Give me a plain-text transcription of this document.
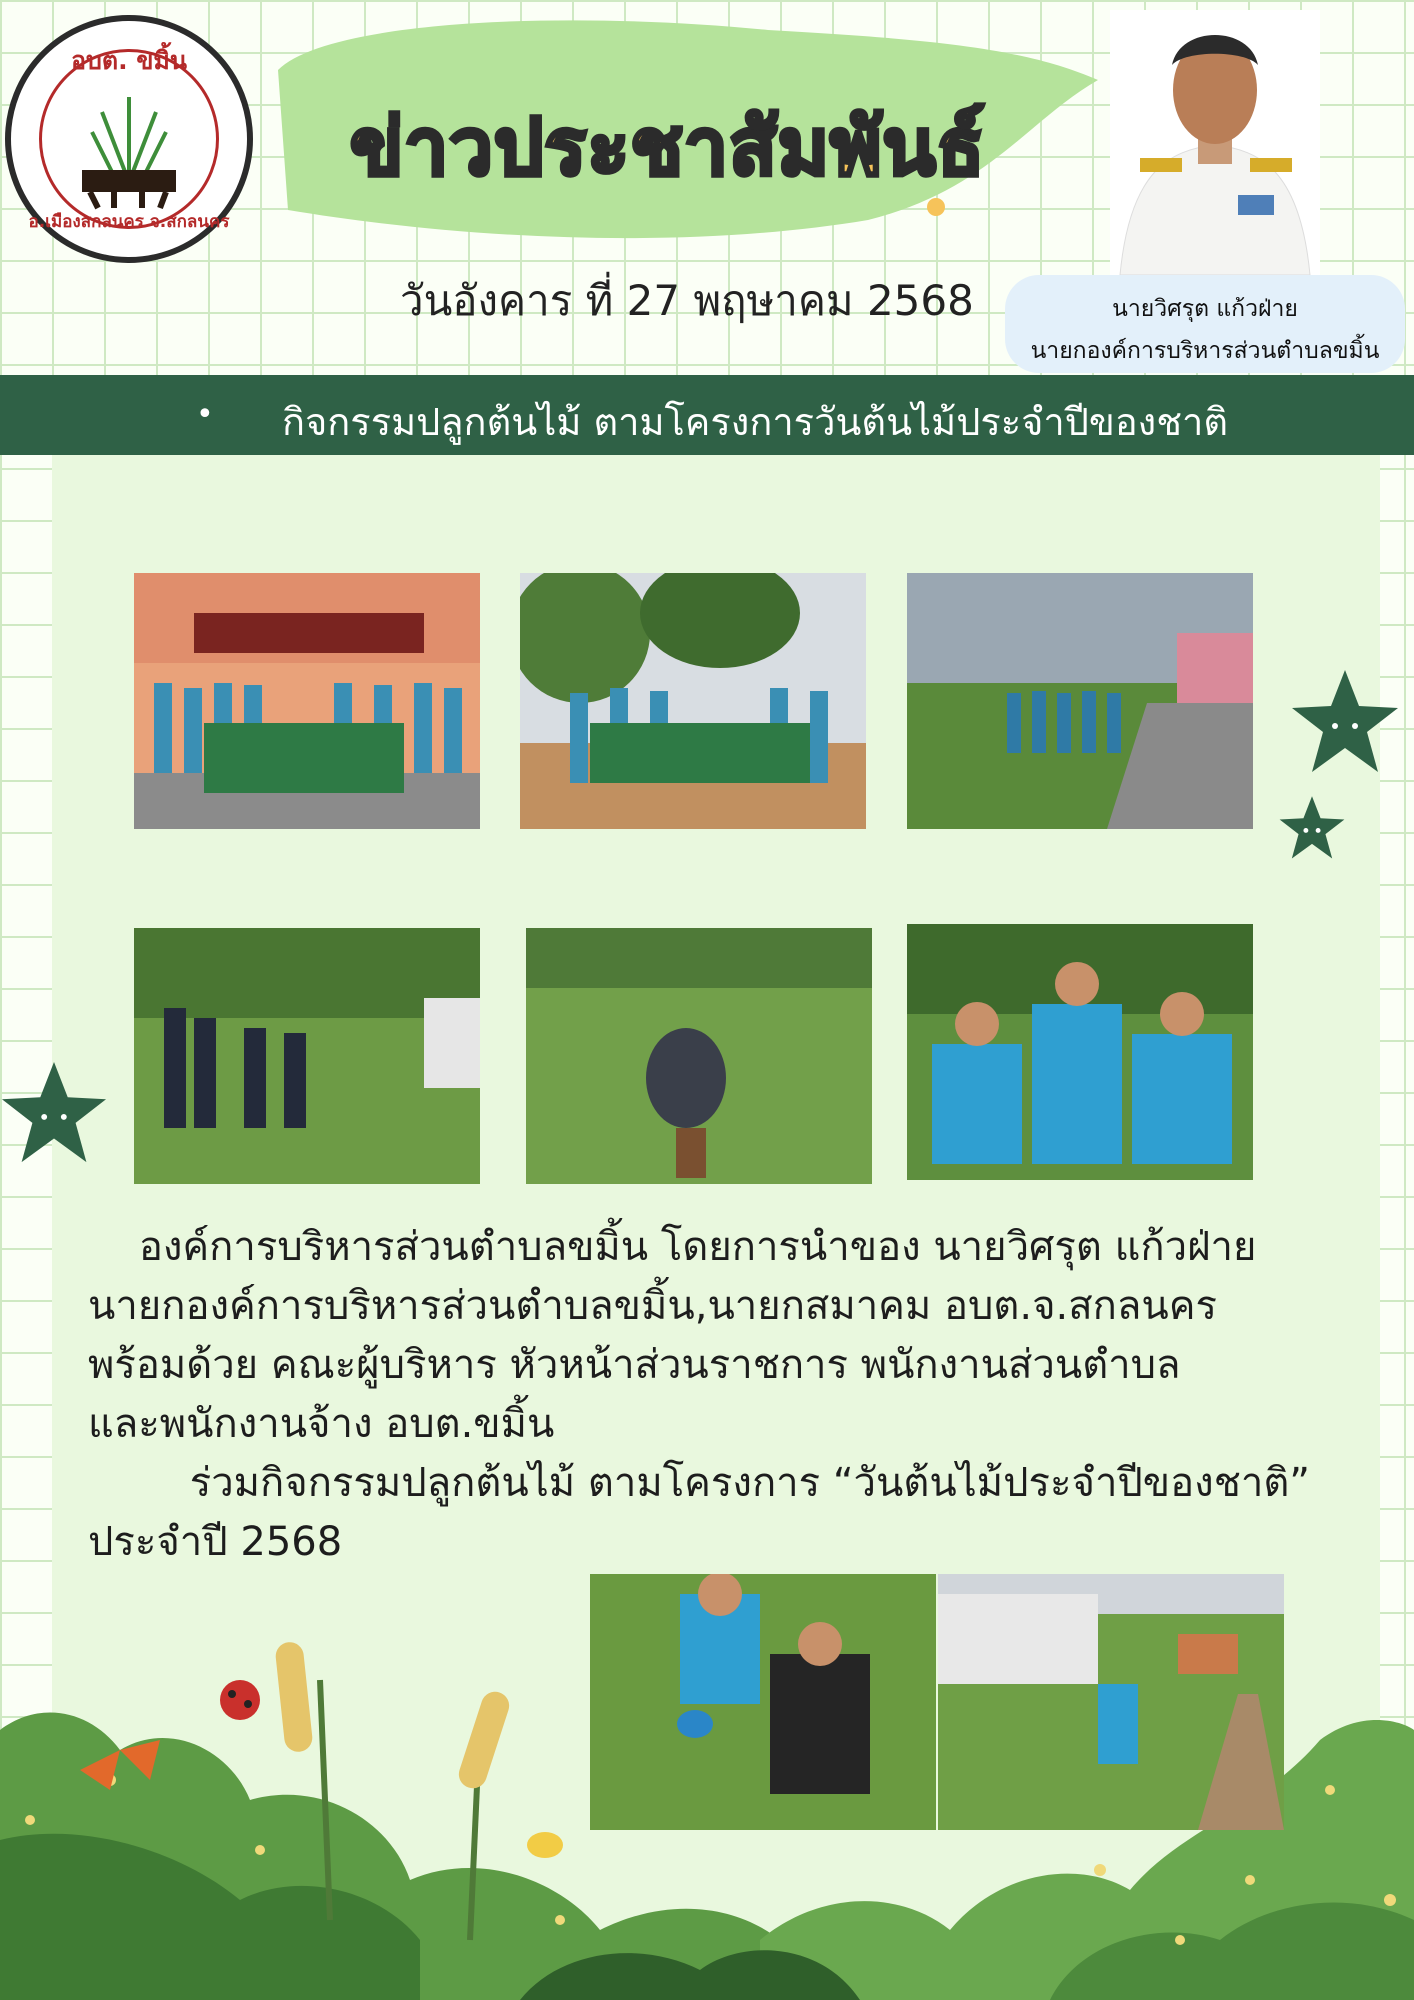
อบต. ขมิ้น
อ.เมืองสกลนคร จ.สกลนคร
ข่าวประชาสัมพันธ์
วันอังคาร ที่ 27 พฤษาคม 2568	นายวิศรุต แก้วฝ่าย
นายกองค์การบริหารส่วนตำบลขมิ้น
• กิจกรรมปลูกต้นไม้ ตามโครงการวันต้นไม้ประจำปีของชาติ
องค์การบริหารส่วนตำบลขมิ้น โดยการนำของ นายวิศรุต แก้วฝ่าย
นายกองค์การบริหารส่วนตำบลขมิ้น,นายกสมาคม อบต.จ.สกลนคร
พร้อมด้วย คณะผู้บริหาร หัวหน้าส่วนราชการ พนักงานส่วนตำบล
และพนักงานจ้าง อบต.ขมิ้น
ร่วมกิจกรรมปลูกต้นไม้ ตามโครงการ “วันต้นไม้ประจำปีของชาติ”
ประจำปี 2568
